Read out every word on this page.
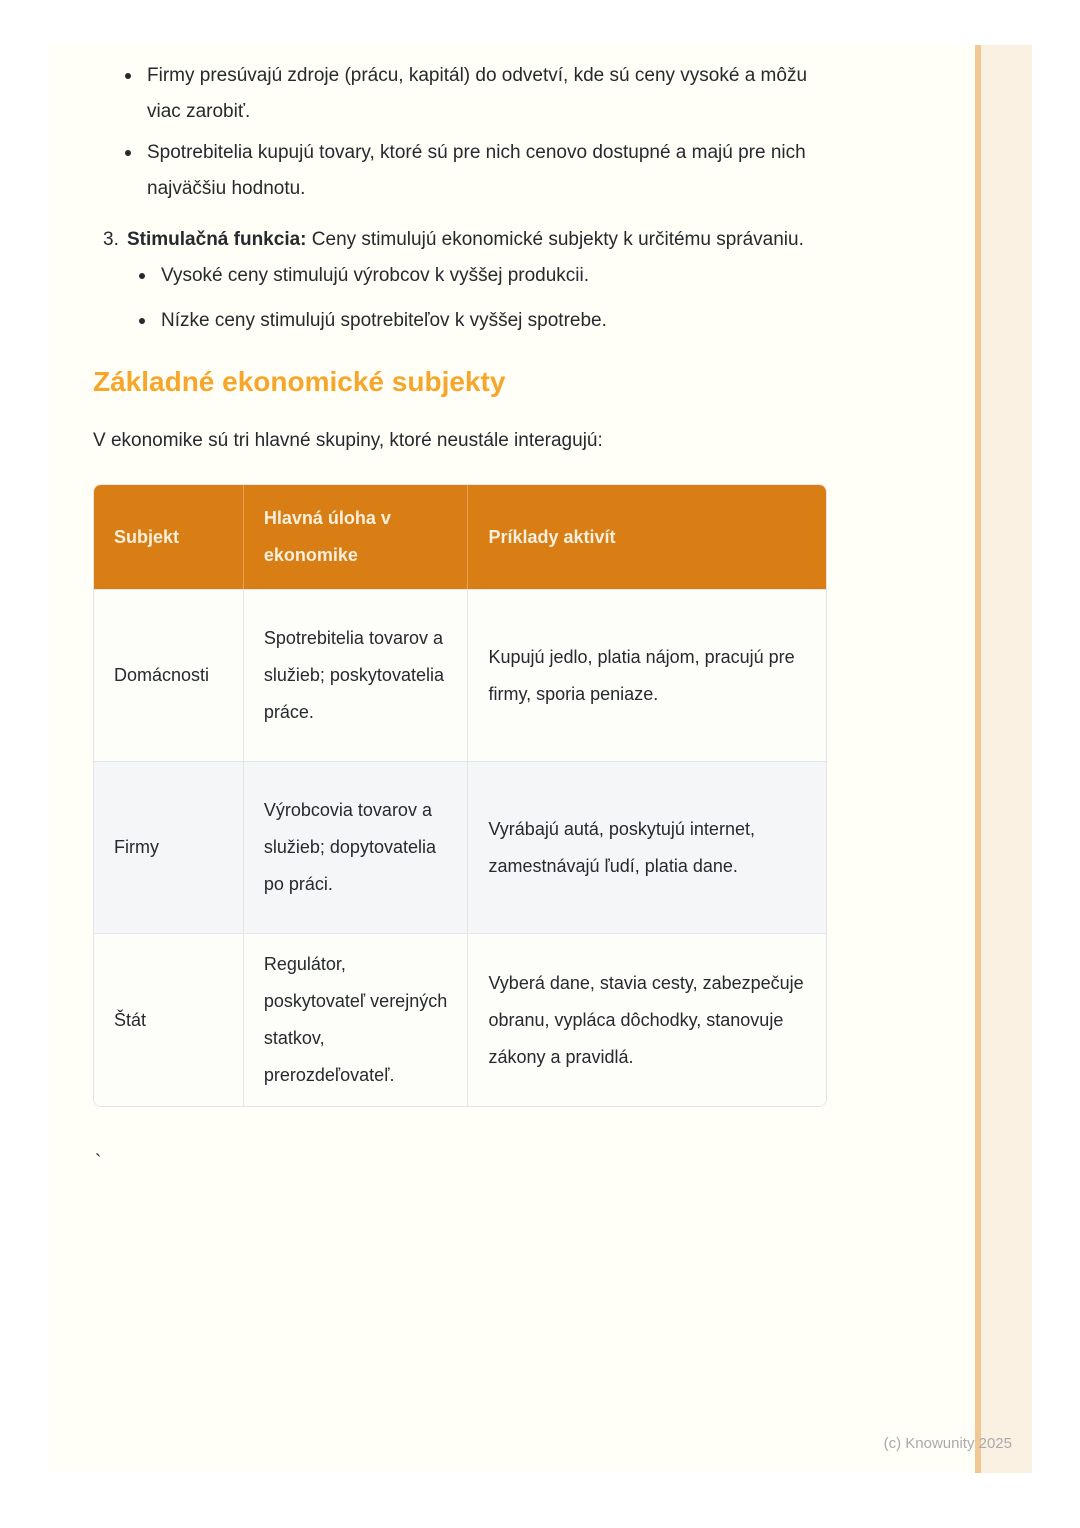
Firmy presúvajú zdroje (prácu, kapitál) do odvetví, kde sú ceny vysoké a môžu viac zarobiť.
Spotrebitelia kupujú tovary, ktoré sú pre nich cenovo dostupné a majú pre nich najväčšiu hodnotu.
3. Stimulačná funkcia: Ceny stimulujú ekonomické subjekty k určitému správaniu.
Vysoké ceny stimulujú výrobcov k vyššej produkcii.
Nízke ceny stimulujú spotrebiteľov k vyššej spotrebe.
Základné ekonomické subjekty

V ekonomike sú tri hlavné skupiny, ktoré neustále interagujú:

Subjekt	Hlavná úloha v ekonomike	Príklady aktivít
Domácnosti	Spotrebitelia tovarov a služieb; poskytovatelia práce.	Kupujú jedlo, platia nájom, pracujú pre firmy, sporia peniaze.
Firmy	Výrobcovia tovarov a služieb; dopytovatelia po práci.	Vyrábajú autá, poskytujú internet, zamestnávajú ľudí, platia dane.
Štát	Regulátor, poskytovateľ verejných statkov, prerozdeľovateľ.	Vyberá dane, stavia cesty, zabezpečuje obranu, vypláca dôchodky, stanovuje zákony a pravidlá.
`
(c) Knowunity 2025
